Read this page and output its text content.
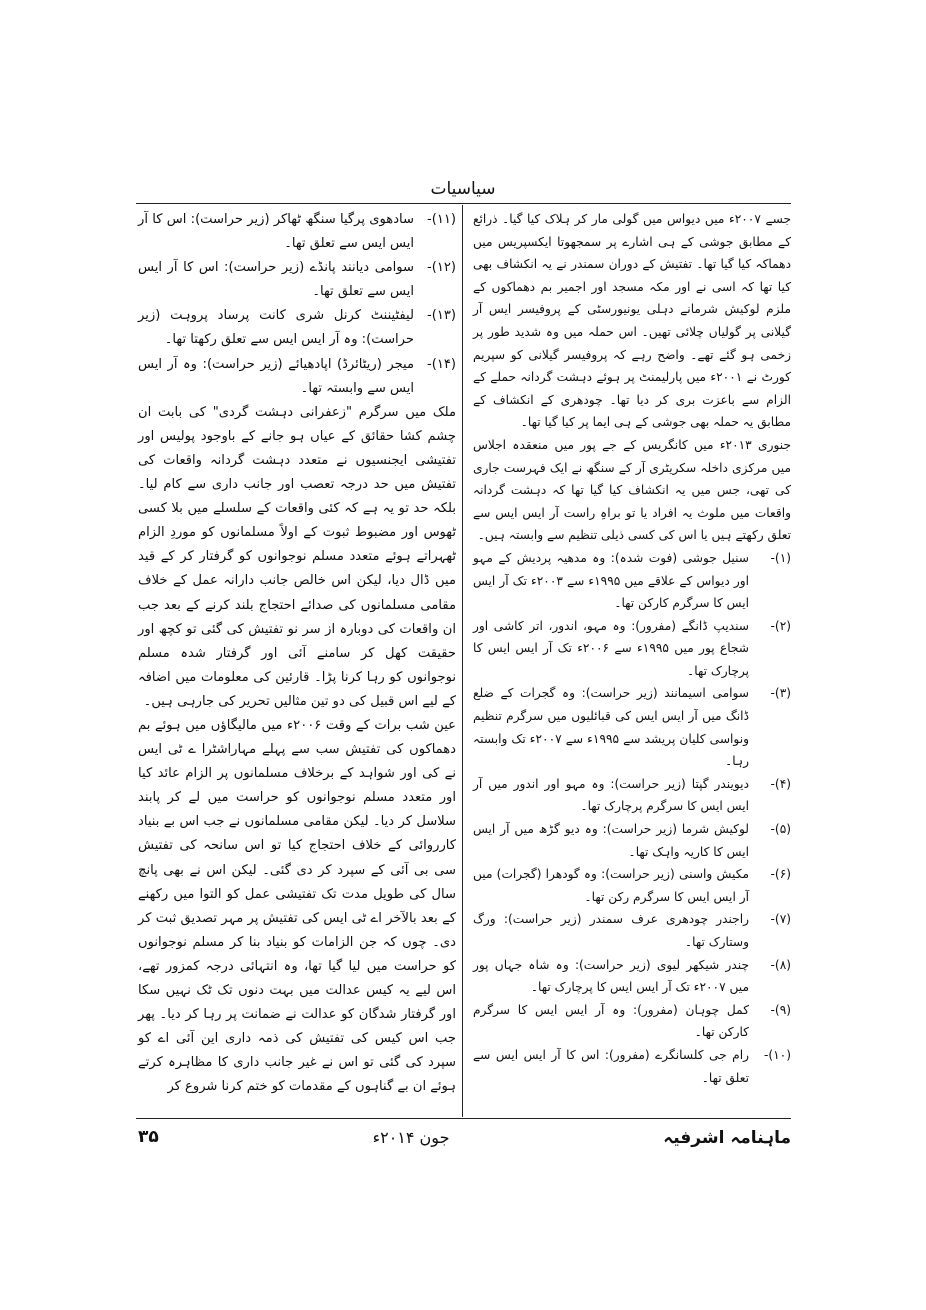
سیاسیات

جسے ۲۰۰۷ء میں دیواس میں گولی مار کر ہلاک کیا گیا۔ ذرائع کے مطابق جوشی کے ہی اشارے پر سمجھوتا ایکسپریس میں دھماکہ کیا گیا تھا۔ تفتیش کے دوران سمندر نے یہ انکشاف بھی کیا تھا کہ اسی نے اور مکہ مسجد اور اجمیر بم دھماکوں کے ملزم لوکیش شرمانے دہلی یونیورسٹی کے پروفیسر ایس آر گیلانی پر گولیاں چلائی تھیں۔ اس حملہ میں وہ شدید طور پر زخمی ہو گئے تھے۔ واضح رہے کہ پروفیسر گیلانی کو سپریم کورٹ نے ۲۰۰۱ء میں پارلیمنٹ پر ہوئے دہشت گردانہ حملے کے الزام سے باعزت بری کر دیا تھا۔ چودھری کے انکشاف کے مطابق یہ حملہ بھی جوشی کے ہی ایما پر کیا گیا تھا۔

جنوری ۲۰۱۳ء میں کانگریس کے جے پور میں منعقدہ اجلاس میں مرکزی داخلہ سکریٹری آر کے سنگھ نے ایک فہرست جاری کی تھی، جس میں یہ انکشاف کیا گیا تھا کہ دہشت گردانہ واقعات میں ملوث یہ افراد یا تو براہِ راست آر ایس ایس سے تعلق رکھتے ہیں یا اس کی کسی ذیلی تنظیم سے وابستہ ہیں۔

(۱)-
سنیل جوشی (فوت شدہ): وہ مدھیہ پردیش کے مہو اور دیواس کے علاقے میں ۱۹۹۵ء سے ۲۰۰۳ء تک آر ایس ایس کا سرگرم کارکن تھا۔
(۲)-
سندیپ ڈانگے (مفرور): وہ مہو، اندور، اتر کاشی اور شجاع پور میں ۱۹۹۵ء سے ۲۰۰۶ء تک آر ایس ایس کا پرچارک تھا۔
(۳)-
سوامی اسیمانند (زیر حراست): وہ گجرات کے ضلع ڈانگ میں آر ایس ایس کی قبائلیوں میں سرگرم تنظیم ونواسی کلیان پریشد سے ۱۹۹۵ء سے ۲۰۰۷ء تک وابستہ رہا۔
(۴)-
دیویندر گپتا (زیر حراست): وہ مہو اور اندور میں آر ایس ایس کا سرگرم پرچارک تھا۔
(۵)-
لوکیش شرما (زیر حراست): وہ دیو گڑھ میں آر ایس ایس کا کاریہ واہک تھا۔
(۶)-
مکیش واسنی (زیر حراست): وہ گودھرا (گجرات) میں آر ایس ایس کا سرگرم رکن تھا۔
(۷)-
راجندر چودھری عرف سمندر (زیر حراست): ورگ وستارک تھا۔
(۸)-
چندر شیکھر لیوی (زیر حراست): وہ شاہ جہاں پور میں ۲۰۰۷ء تک آر ایس ایس کا پرچارک تھا۔
(۹)-
کمل چوہان (مفرور): وہ آر ایس ایس کا سرگرم کارکن تھا۔
(۱۰)-
رام جی کلسانگرے (مفرور): اس کا آر ایس ایس سے تعلق تھا۔
(۱۱)-
سادھوی پرگیا سنگھ ٹھاکر (زیر حراست): اس کا آر ایس ایس سے تعلق تھا۔
(۱۲)-
سوامی دیانند پانڈے (زیر حراست): اس کا آر ایس ایس سے تعلق تھا۔
(۱۳)-
لیفٹیننٹ کرنل شری کانت پرساد پروہت (زیر حراست): وہ آر ایس ایس سے تعلق رکھتا تھا۔
(۱۴)-
میجر (ریٹائرڈ) اپادھیائے (زیر حراست): وہ آر ایس ایس سے وابستہ تھا۔

ملک میں سرگرم "زعفرانی دہشت گردی" کی بابت ان چشم کشا حقائق کے عیاں ہو جانے کے باوجود پولیس اور تفتیشی ایجنسیوں نے متعدد دہشت گردانہ واقعات کی تفتیش میں حد درجہ تعصب اور جانب داری سے کام لیا۔ بلکہ حد تو یہ ہے کہ کئی واقعات کے سلسلے میں بلا کسی ٹھوس اور مضبوط ثبوت کے اولاً مسلمانوں کو موردِ الزام ٹھہراتے ہوئے متعدد مسلم نوجوانوں کو گرفتار کر کے قید میں ڈال دیا، لیکن اس خالص جانب دارانہ عمل کے خلاف مقامی مسلمانوں کی صدائے احتجاج بلند کرنے کے بعد جب ان واقعات کی دوبارہ از سر نو تفتیش کی گئی تو کچھ اور حقیقت کھل کر سامنے آئی اور گرفتار شدہ مسلم نوجوانوں کو رہا کرنا پڑا۔ قارئین کی معلومات میں اضافہ کے لیے اس قبیل کی دو تین مثالیں تحریر کی جارہی ہیں۔

عین شب برات کے وقت ۲۰۰۶ء میں مالیگاؤں میں ہوئے بم دھماکوں کی تفتیش سب سے پہلے مہاراشٹرا ے ٹی ایس نے کی اور شواہد کے برخلاف مسلمانوں پر الزام عائد کیا اور متعدد مسلم نوجوانوں کو حراست میں لے کر پابند سلاسل کر دیا۔ لیکن مقامی مسلمانوں نے جب اس بے بنیاد کارروائی کے خلاف احتجاج کیا تو اس سانحہ کی تفتیش سی بی آئی کے سپرد کر دی گئی۔ لیکن اس نے بھی پانچ سال کی طویل مدت تک تفتیشی عمل کو التوا میں رکھنے کے بعد بالآخر اے ٹی ایس کی تفتیش پر مہر تصدیق ثبت کر دی۔ چوں کہ جن الزامات کو بنیاد بنا کر مسلم نوجوانوں کو حراست میں لیا گیا تھا، وہ انتہائی درجہ کمزور تھے، اس لیے یہ کیس عدالت میں بہت دنوں تک ٹک نہیں سکا اور گرفتار شدگان کو عدالت نے ضمانت پر رہا کر دیا۔ پھر جب اس کیس کی تفتیش کی ذمہ داری این آئی اے کو سپرد کی گئی تو اس نے غیر جانب داری کا مظاہرہ کرتے ہوئے ان بے گناہوں کے مقدمات کو ختم کرنا شروع کر

ماہنامہ اشرفیہ
جون ۲۰۱۴ء
۳۵
